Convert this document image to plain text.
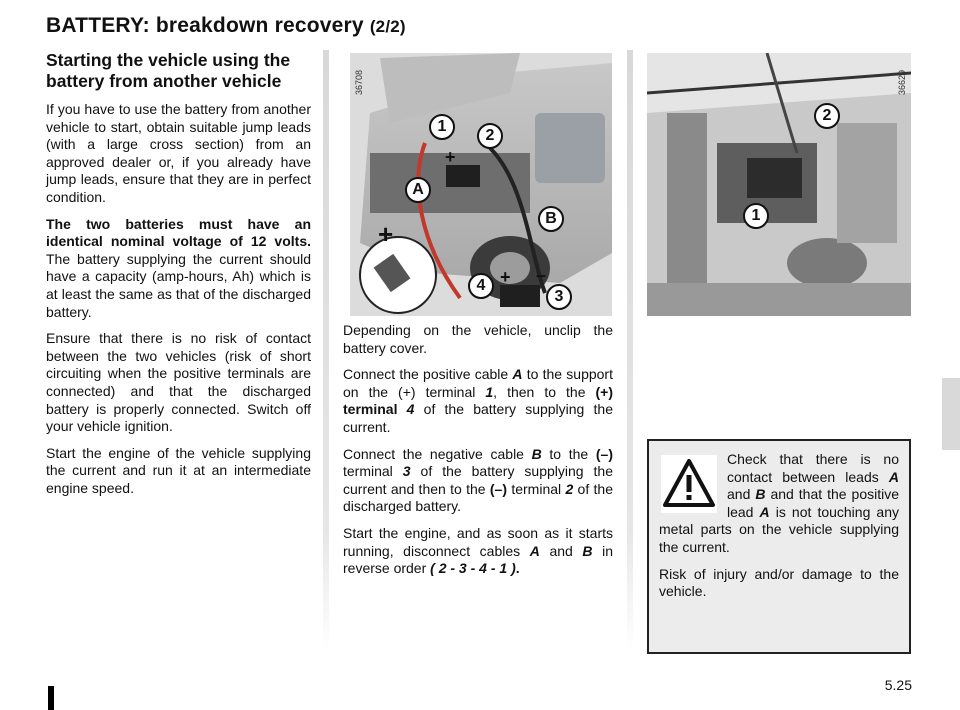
BATTERY: breakdown recovery (2/2)
Starting the vehicle using the battery from another vehicle

If you have to use the battery from another vehicle to start, obtain suitable jump leads (with a large cross section) from an approved dealer or, if you already have jump leads, ensure that they are in perfect condition.

The two batteries must have an identical nominal voltage of 12 volts. The battery supplying the current should have a capacity (amp-hours, Ah) which is at least the same as that of the discharged battery.

Ensure that there is no risk of contact between the two vehicles (risk of short circuiting when the positive terminals are connected) and that the discharged battery is properly connected. Switch off your vehicle ignition.

Start the engine of the vehicle supplying the current and run it at an intermediate engine speed.

+
+
+ –
36708
1
2
A
B
4
3
36629
2
1

Depending on the vehicle, unclip the battery cover.

Connect the positive cable A to the support on the (+) terminal 1, then to the (+) terminal 4 of the battery supplying the current.

Connect the negative cable B to the (–) terminal 3 of the battery supplying the current and then to the (–) terminal 2 of the discharged battery.

Start the engine, and as soon as it starts running, disconnect cables A and B in reverse order ( 2 - 3 - 4 - 1 ).

Check that there is no contact between leads A and B and that the positive lead A is not touching any metal parts on the vehicle supplying the current.

Risk of injury and/or damage to the vehicle.

5.25
